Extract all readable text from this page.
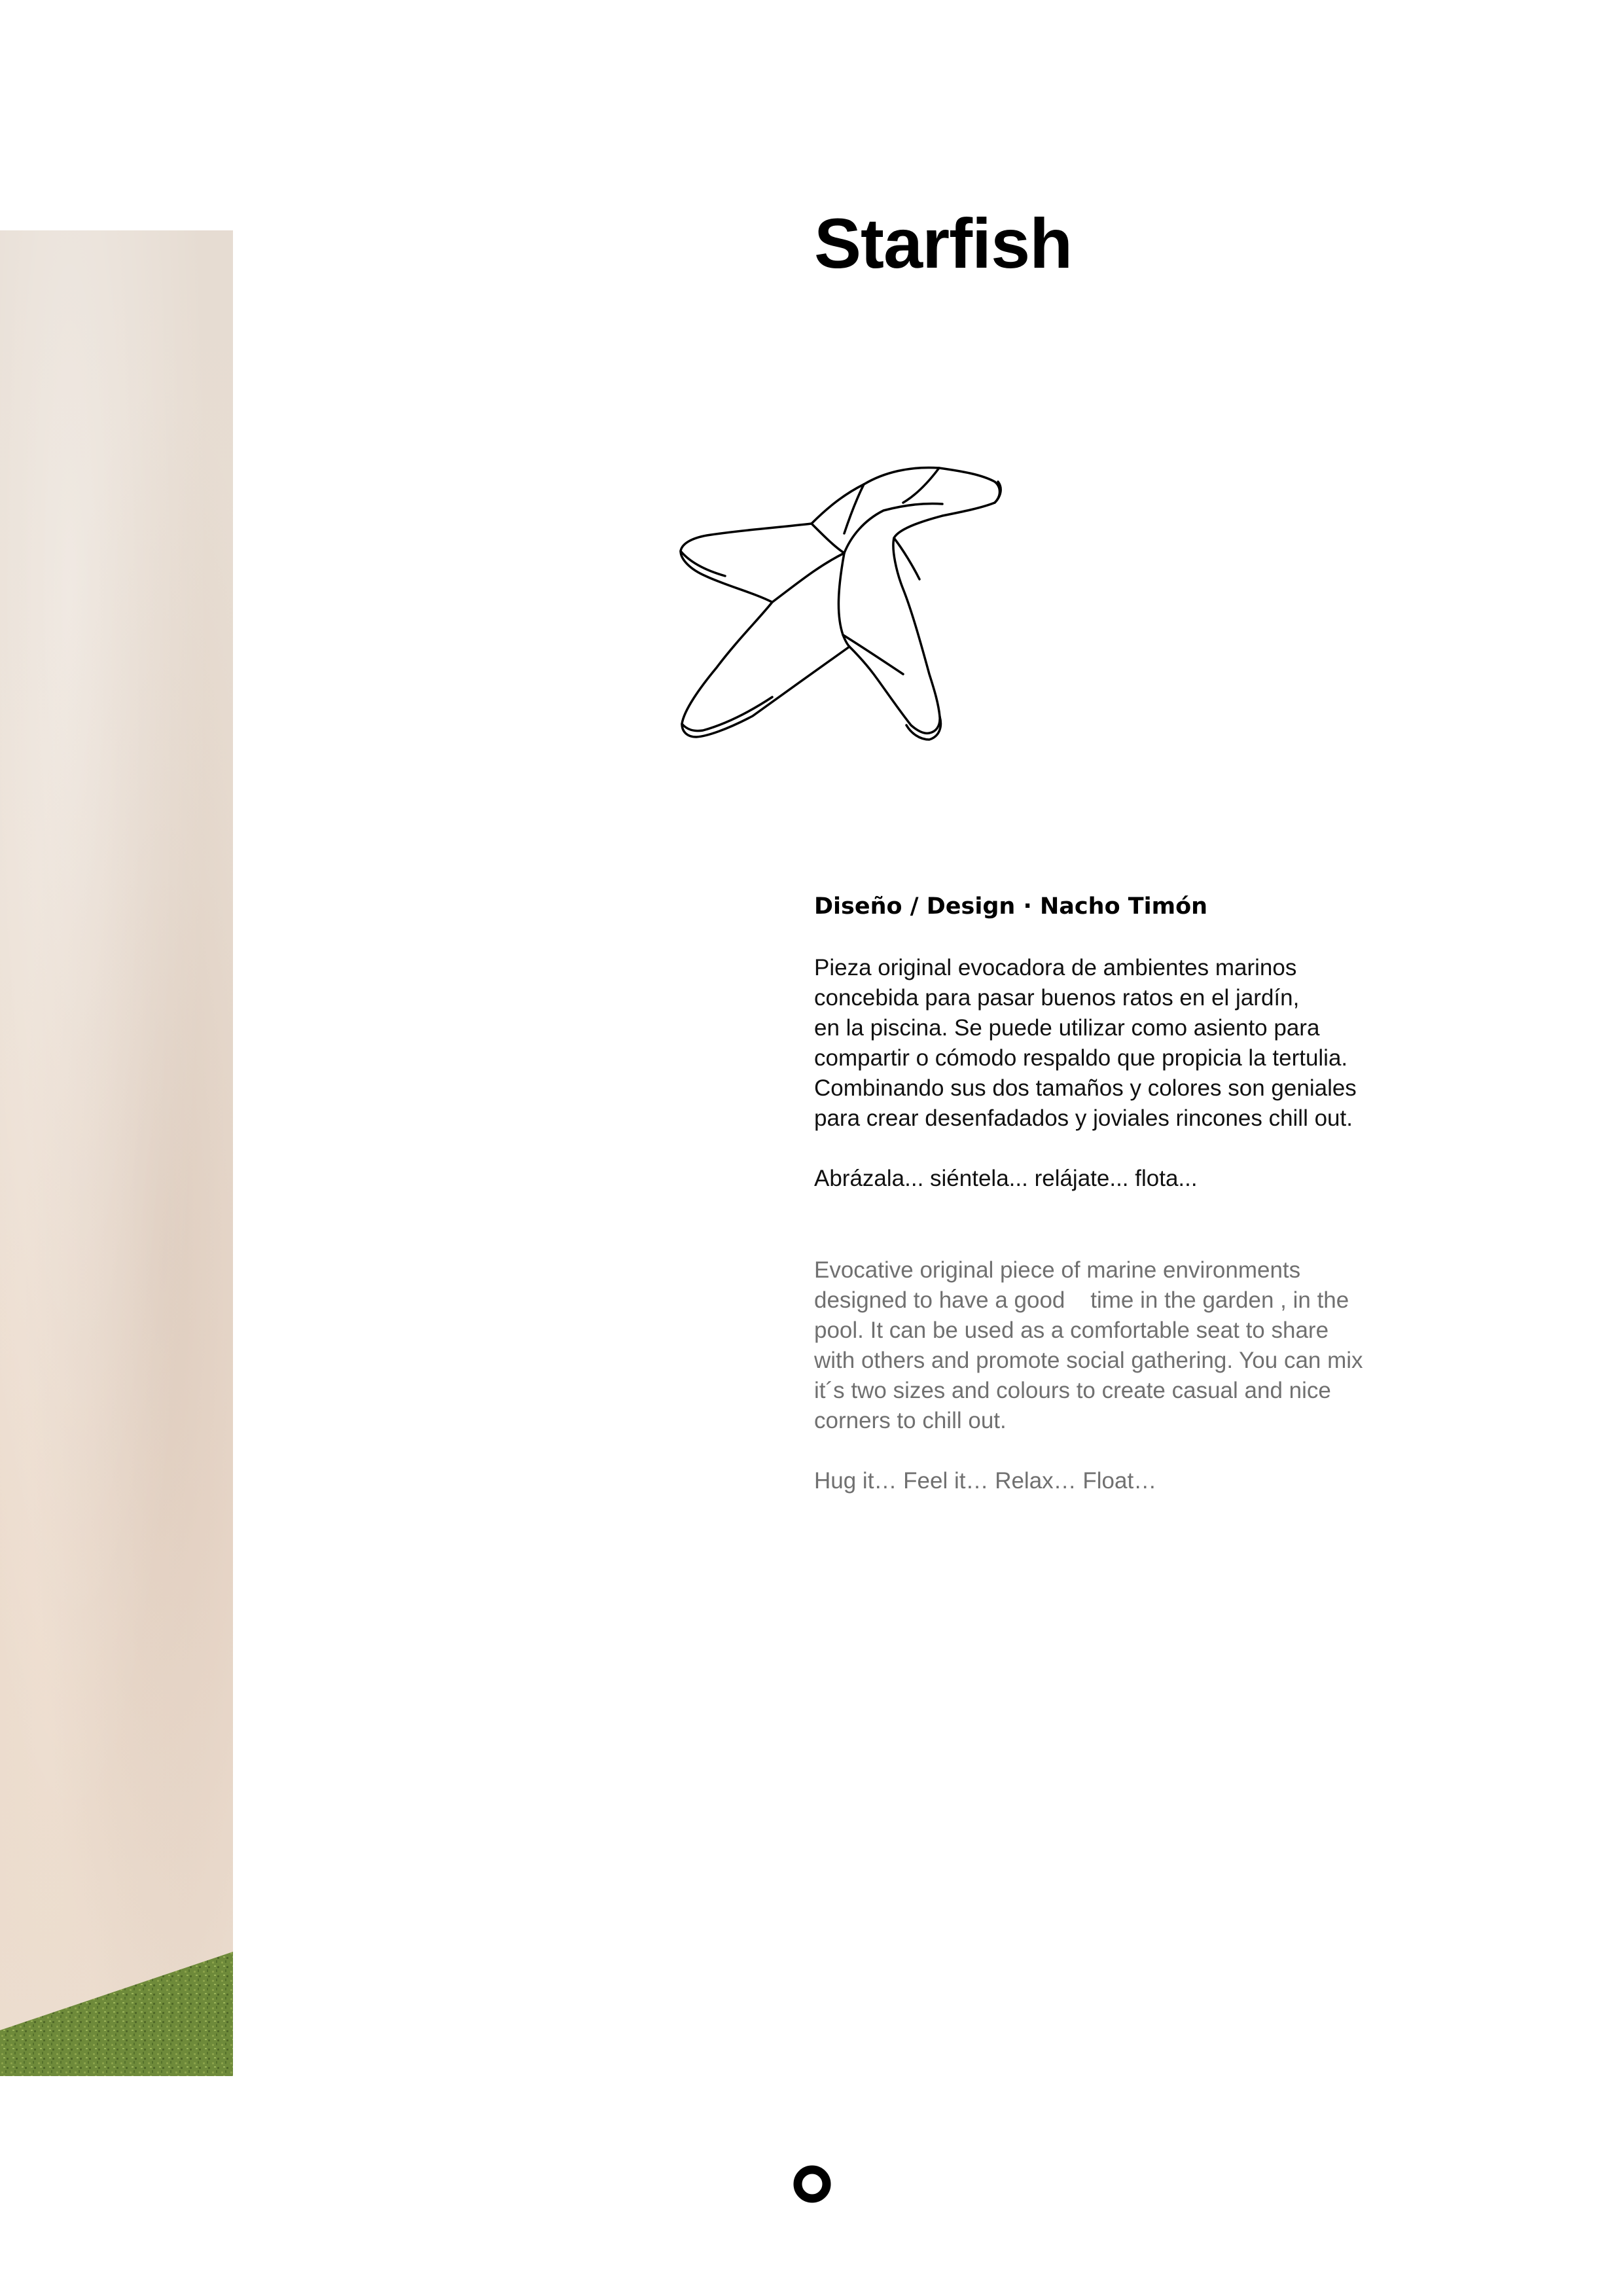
Starfish

Diseño / Design · Nacho Timón

Pieza original evocadora de ambientes marinos
concebida para pasar buenos ratos en el jardín,
en la piscina. Se puede utilizar como asiento para
compartir o cómodo respaldo que propicia la tertulia.
Combinando sus dos tamaños y colores son geniales
para crear desenfadados y joviales rincones chill out.

Abrázala... siéntela... relájate... flota...

Evocative original piece of marine environments
designed to have a good    time in the garden , in the
pool. It can be used as a comfortable seat to share
with others and promote social gathering. You can mix
it´s two sizes and colours to create casual and nice
corners to chill out.

Hug it… Feel it… Relax… Float…
